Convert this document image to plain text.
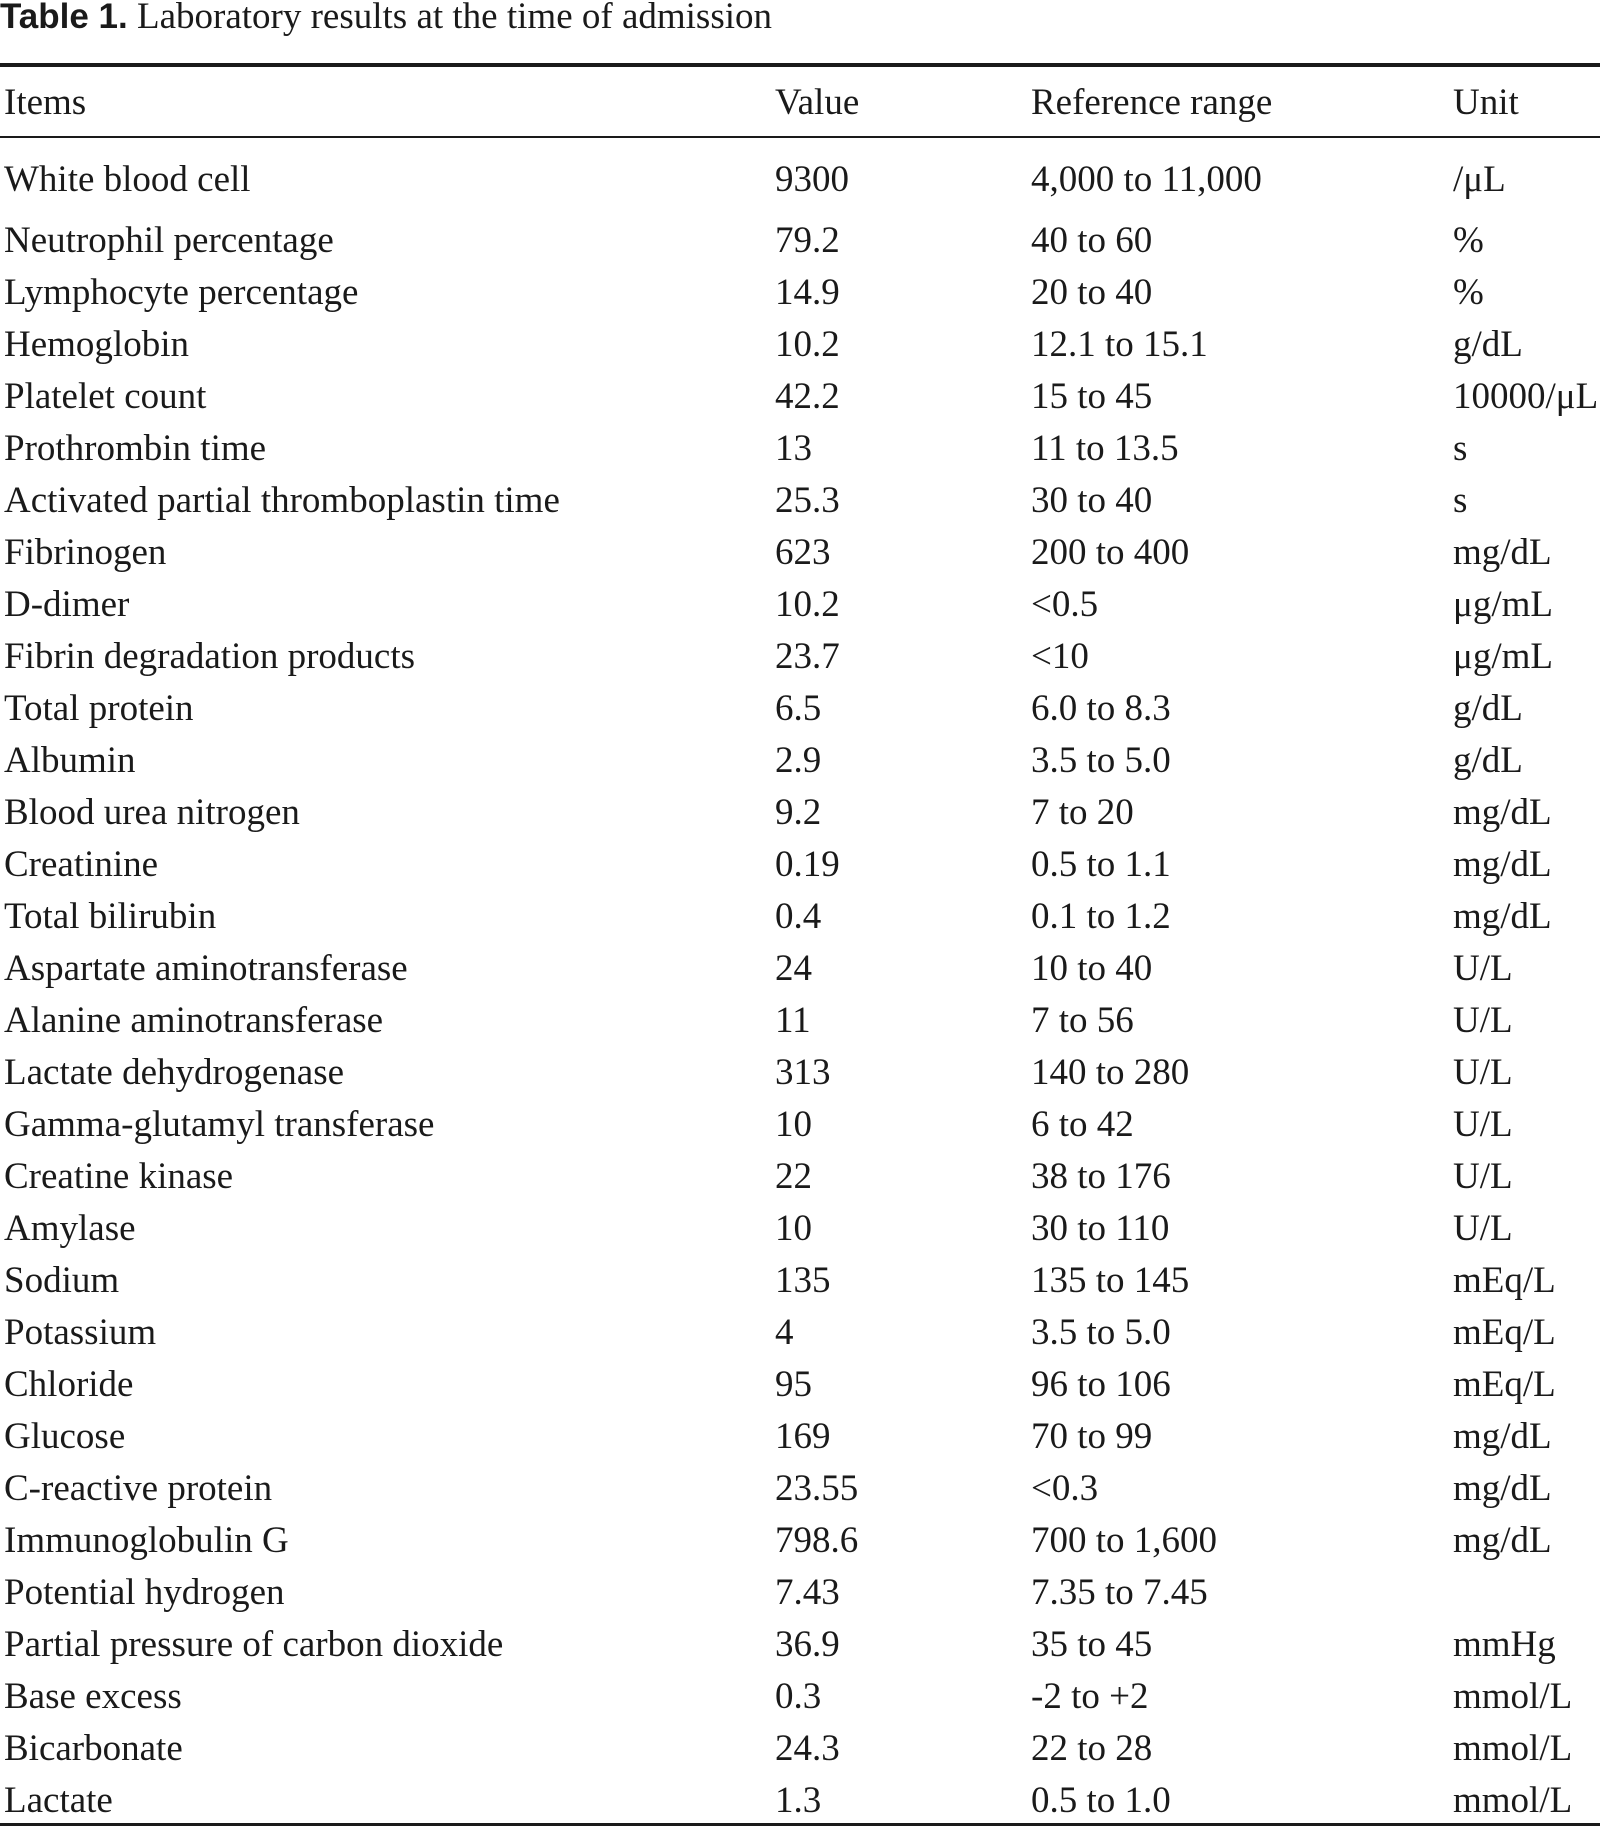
Table 1. Laboratory results at the time of admission
Items	Value	Reference range	Unit
White blood cell	9300	4,000 to 11,000	/μL
Neutrophil percentage	79.2	40 to 60	%
Lymphocyte percentage	14.9	20 to 40	%
Hemoglobin	10.2	12.1 to 15.1	g/dL
Platelet count	42.2	15 to 45	10000/μL
Prothrombin time	13	11 to 13.5	s
Activated partial thromboplastin time	25.3	30 to 40	s
Fibrinogen	623	200 to 400	mg/dL
D-dimer	10.2	<0.5	μg/mL
Fibrin degradation products	23.7	<10	μg/mL
Total protein	6.5	6.0 to 8.3	g/dL
Albumin	2.9	3.5 to 5.0	g/dL
Blood urea nitrogen	9.2	7 to 20	mg/dL
Creatinine	0.19	0.5 to 1.1	mg/dL
Total bilirubin	0.4	0.1 to 1.2	mg/dL
Aspartate aminotransferase	24	10 to 40	U/L
Alanine aminotransferase	11	7 to 56	U/L
Lactate dehydrogenase	313	140 to 280	U/L
Gamma-glutamyl transferase	10	6 to 42	U/L
Creatine kinase	22	38 to 176	U/L
Amylase	10	30 to 110	U/L
Sodium	135	135 to 145	mEq/L
Potassium	4	3.5 to 5.0	mEq/L
Chloride	95	96 to 106	mEq/L
Glucose	169	70 to 99	mg/dL
C-reactive protein	23.55	<0.3	mg/dL
Immunoglobulin G	798.6	700 to 1,600	mg/dL
Potential hydrogen	7.43	7.35 to 7.45	
Partial pressure of carbon dioxide	36.9	35 to 45	mmHg
Base excess	0.3	-2 to +2	mmol/L
Bicarbonate	24.3	22 to 28	mmol/L
Lactate	1.3	0.5 to 1.0	mmol/L
